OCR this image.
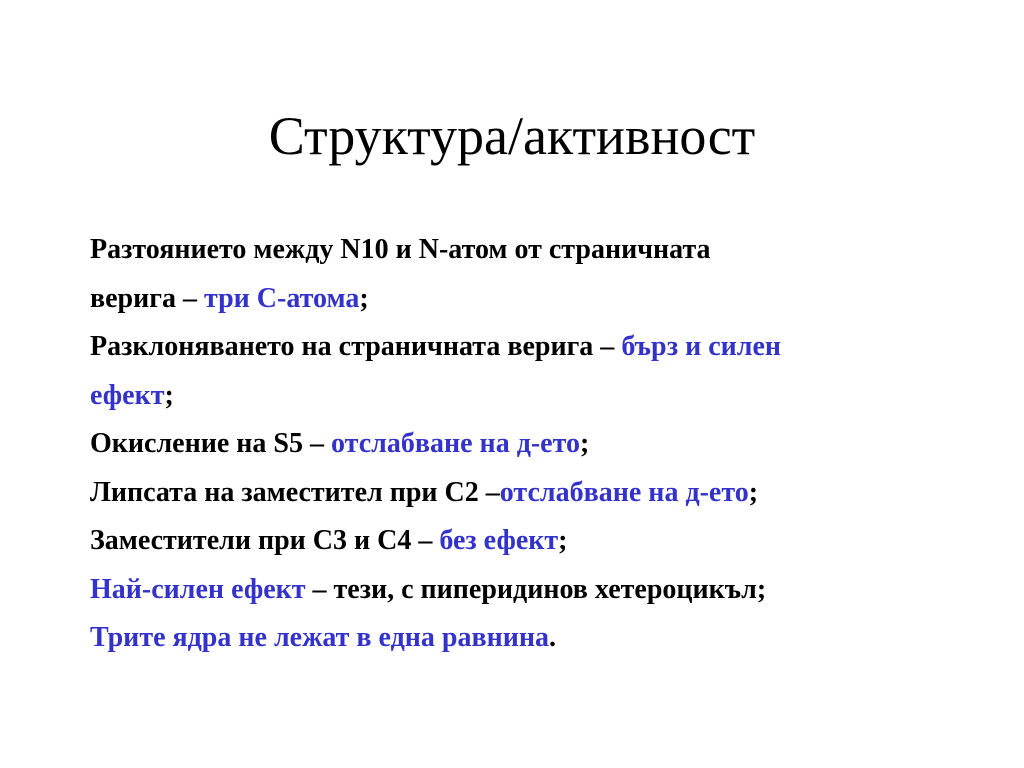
Структура/активност

Разтоянието между N10 и N-атом от страничната
верига – три С-атома;

Разклоняването на страничната верига – бърз и силен
ефект;

Окисление на S5 – отслабване на д-ето;

Липсата на заместител при С2 –отслабване на д-ето;

Заместители при С3 и С4 – без ефект;

Най-силен ефект – тези, с пиперидинов хетероцикъл;

Трите ядра не лежат в една равнина.
